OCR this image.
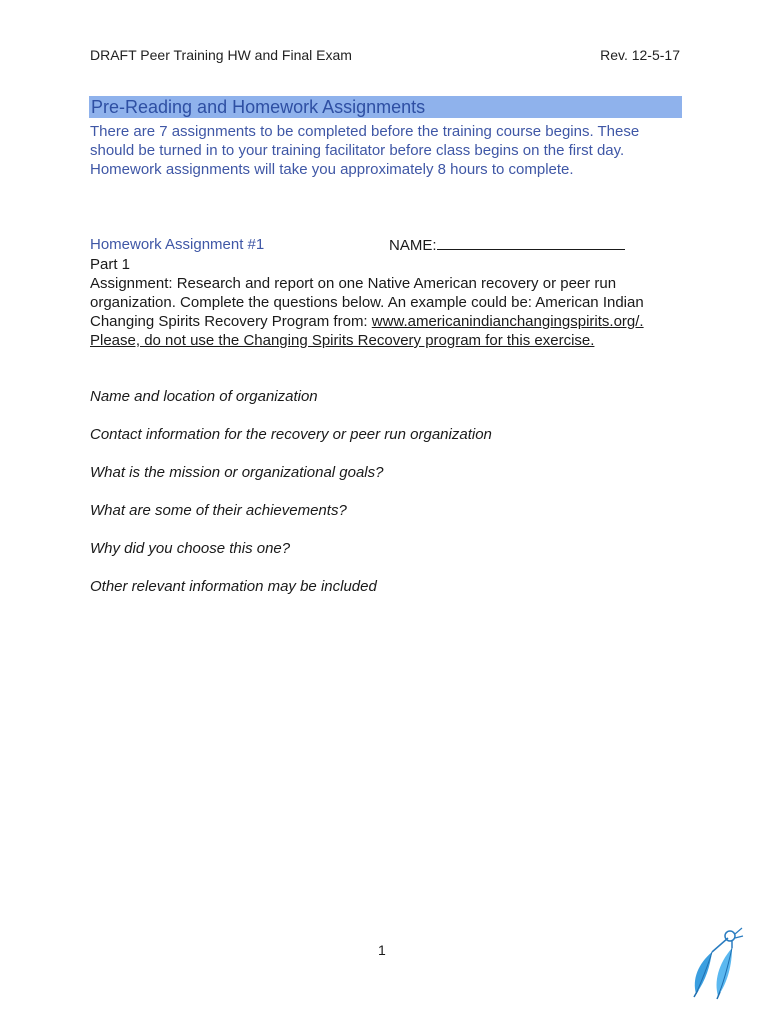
DRAFT Peer Training HW and Final Exam	Rev. 12-5-17
Pre-Reading and Homework Assignments

There are 7 assignments to be completed before the training course begins. These should be turned in to your training facilitator before class begins on the first day. Homework assignments will take you approximately 8 hours to complete.

Homework Assignment #1	NAME:
Part 1

Assignment: Research and report on one Native American recovery or peer run organization. Complete the questions below. An example could be: American Indian Changing Spirits Recovery Program from: www.americanindianchangingspirits.org/. Please, do not use the Changing Spirits Recovery program for this exercise.

Name and location of organization
Contact information for the recovery or peer run organization
What is the mission or organizational goals?
What are some of their achievements?
Why did you choose this one?
Other relevant information may be included
1
